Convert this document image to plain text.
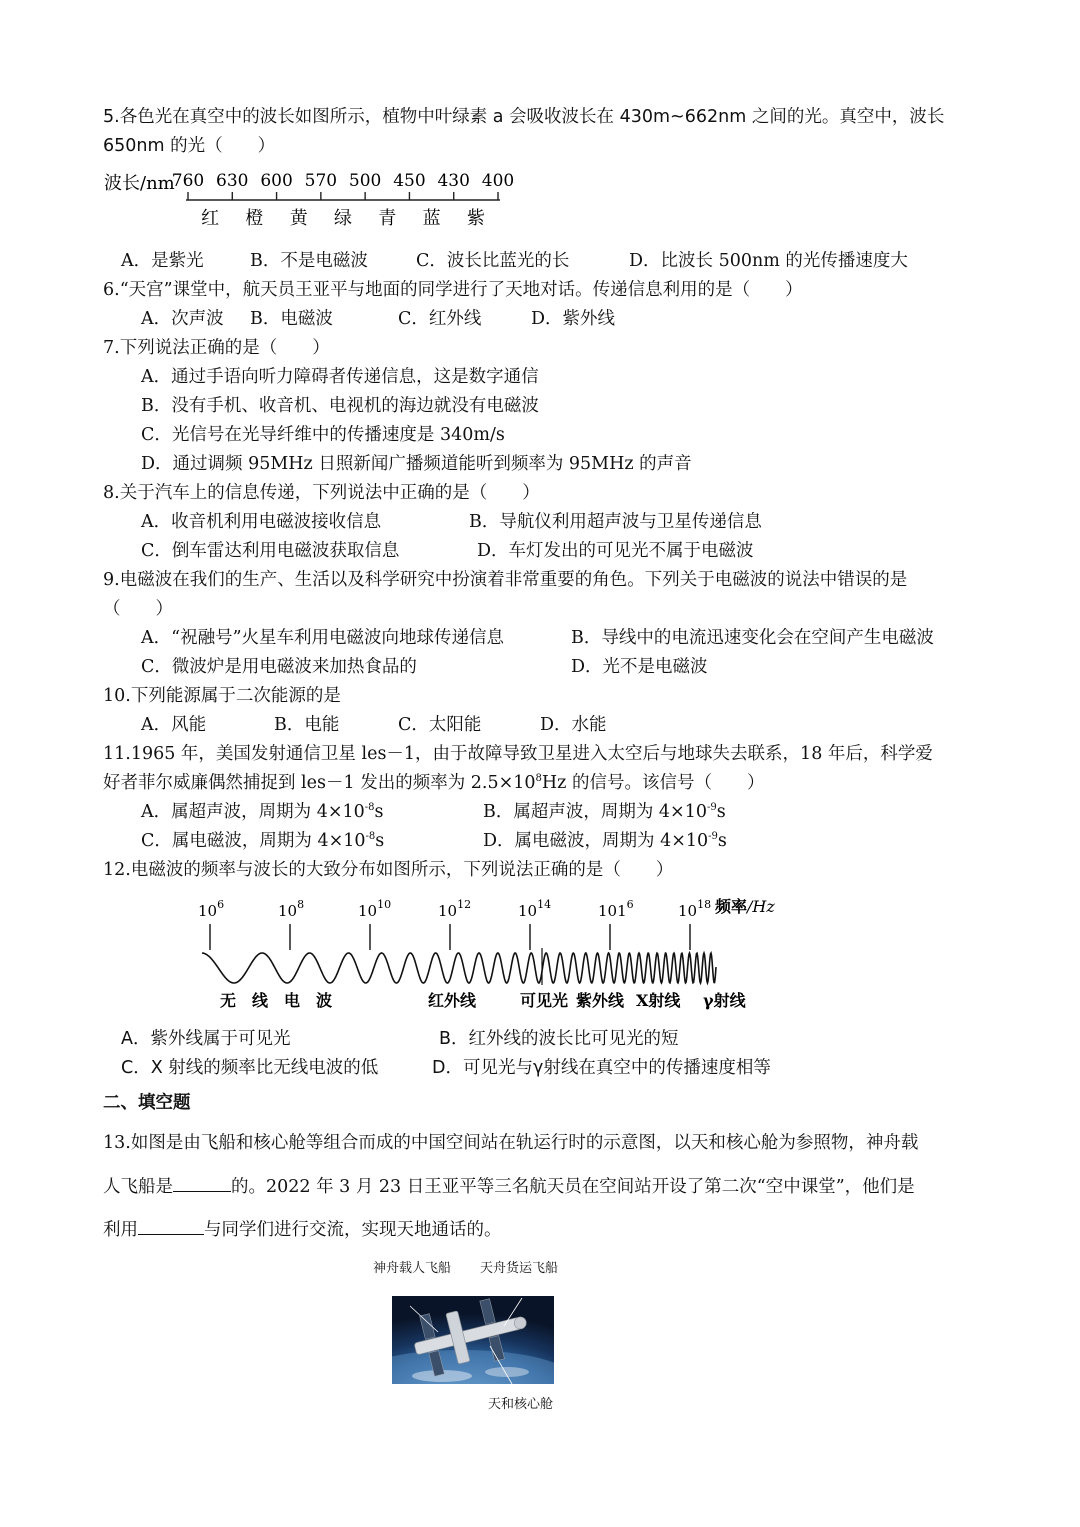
5.各色光在真空中的波长如图所示，植物中叶绿素 a 会吸收波长在 430m~662nm 之间的光。真空中，波长
650nm 的光（　　）
波长/nm
760 630 600 570 500 450 430 400
红 橙 黄 绿 青 蓝 紫
A．是紫光	B．不是电磁波	C．波长比蓝光的长	D．比波长 500nm 的光传播速度大
6.“天宫”课堂中，航天员王亚平与地面的同学进行了天地对话。传递信息利用的是（　　）
A．次声波 B．电磁波	C．红外线	D．紫外线
7.下列说法正确的是（　　）
A．通过手语向听力障碍者传递信息，这是数字通信
B．没有手机、收音机、电视机的海边就没有电磁波
C．光信号在光导纤维中的传播速度是 340m/s
D．通过调频 95MHz 日照新闻广播频道能听到频率为 95MHz 的声音
8.关于汽车上的信息传递，下列说法中正确的是（　　）
A．收音机利用电磁波接收信息	B．导航仪利用超声波与卫星传递信息
C．倒车雷达利用电磁波获取信息	D．车灯发出的可见光不属于电磁波
9.电磁波在我们的生产、生活以及科学研究中扮演着非常重要的角色。下列关于电磁波的说法中错误的是
（　　）
A．“祝融号”火星车利用电磁波向地球传递信息	B．导线中的电流迅速变化会在空间产生电磁波
C．微波炉是用电磁波来加热食品的	D．光不是电磁波
10.下列能源属于二次能源的是
A．风能	B．电能	C．太阳能	D．水能
11.1965 年，美国发射通信卫星 les－1，由于故障导致卫星进入太空后与地球失去联系，18 年后，科学爱
好者菲尔威廉偶然捕捉到 les－1 发出的频率为 $2.5\times 10^8Hz$ 的信号。该信号（　　）
A．属超声波，周期为 $4\times 10^{-8}s$	B．属超声波，周期为 $4\times 10^{-9}s$
C．属电磁波，周期为 $4\times 10^{-8}s$	D．属电磁波，周期为 $4\times 10^{-9}s$
12.电磁波的频率与波长的大致分布如图所示，下列说法正确的是（　　）
$10^6$	$10^8$	$10^{10}$	$10^{12}$	$10^{14}$	$101^6$	$10^{18}$ 频率/Hz
无　线　电　波	红外线	可见光 紫外线 X射线 γ射线
A．紫外线属于可见光	B．红外线的波长比可见光的短
C．X 射线的频率比无线电波的低	D．可见光与γ射线在真空中的传播速度相等
二、填空题
13.如图是由飞船和核心舱等组合而成的中国空间站在轨运行时的示意图，以天和核心舱为参照物，神舟载
人飞船是	的。2022 年 3 月 23 日王亚平等三名航天员在空间站开设了第二次“空中课堂”，他们是
利用	与同学们进行交流，实现天地通话的。
神舟载人飞船 天舟货运飞船
天和核心舱
